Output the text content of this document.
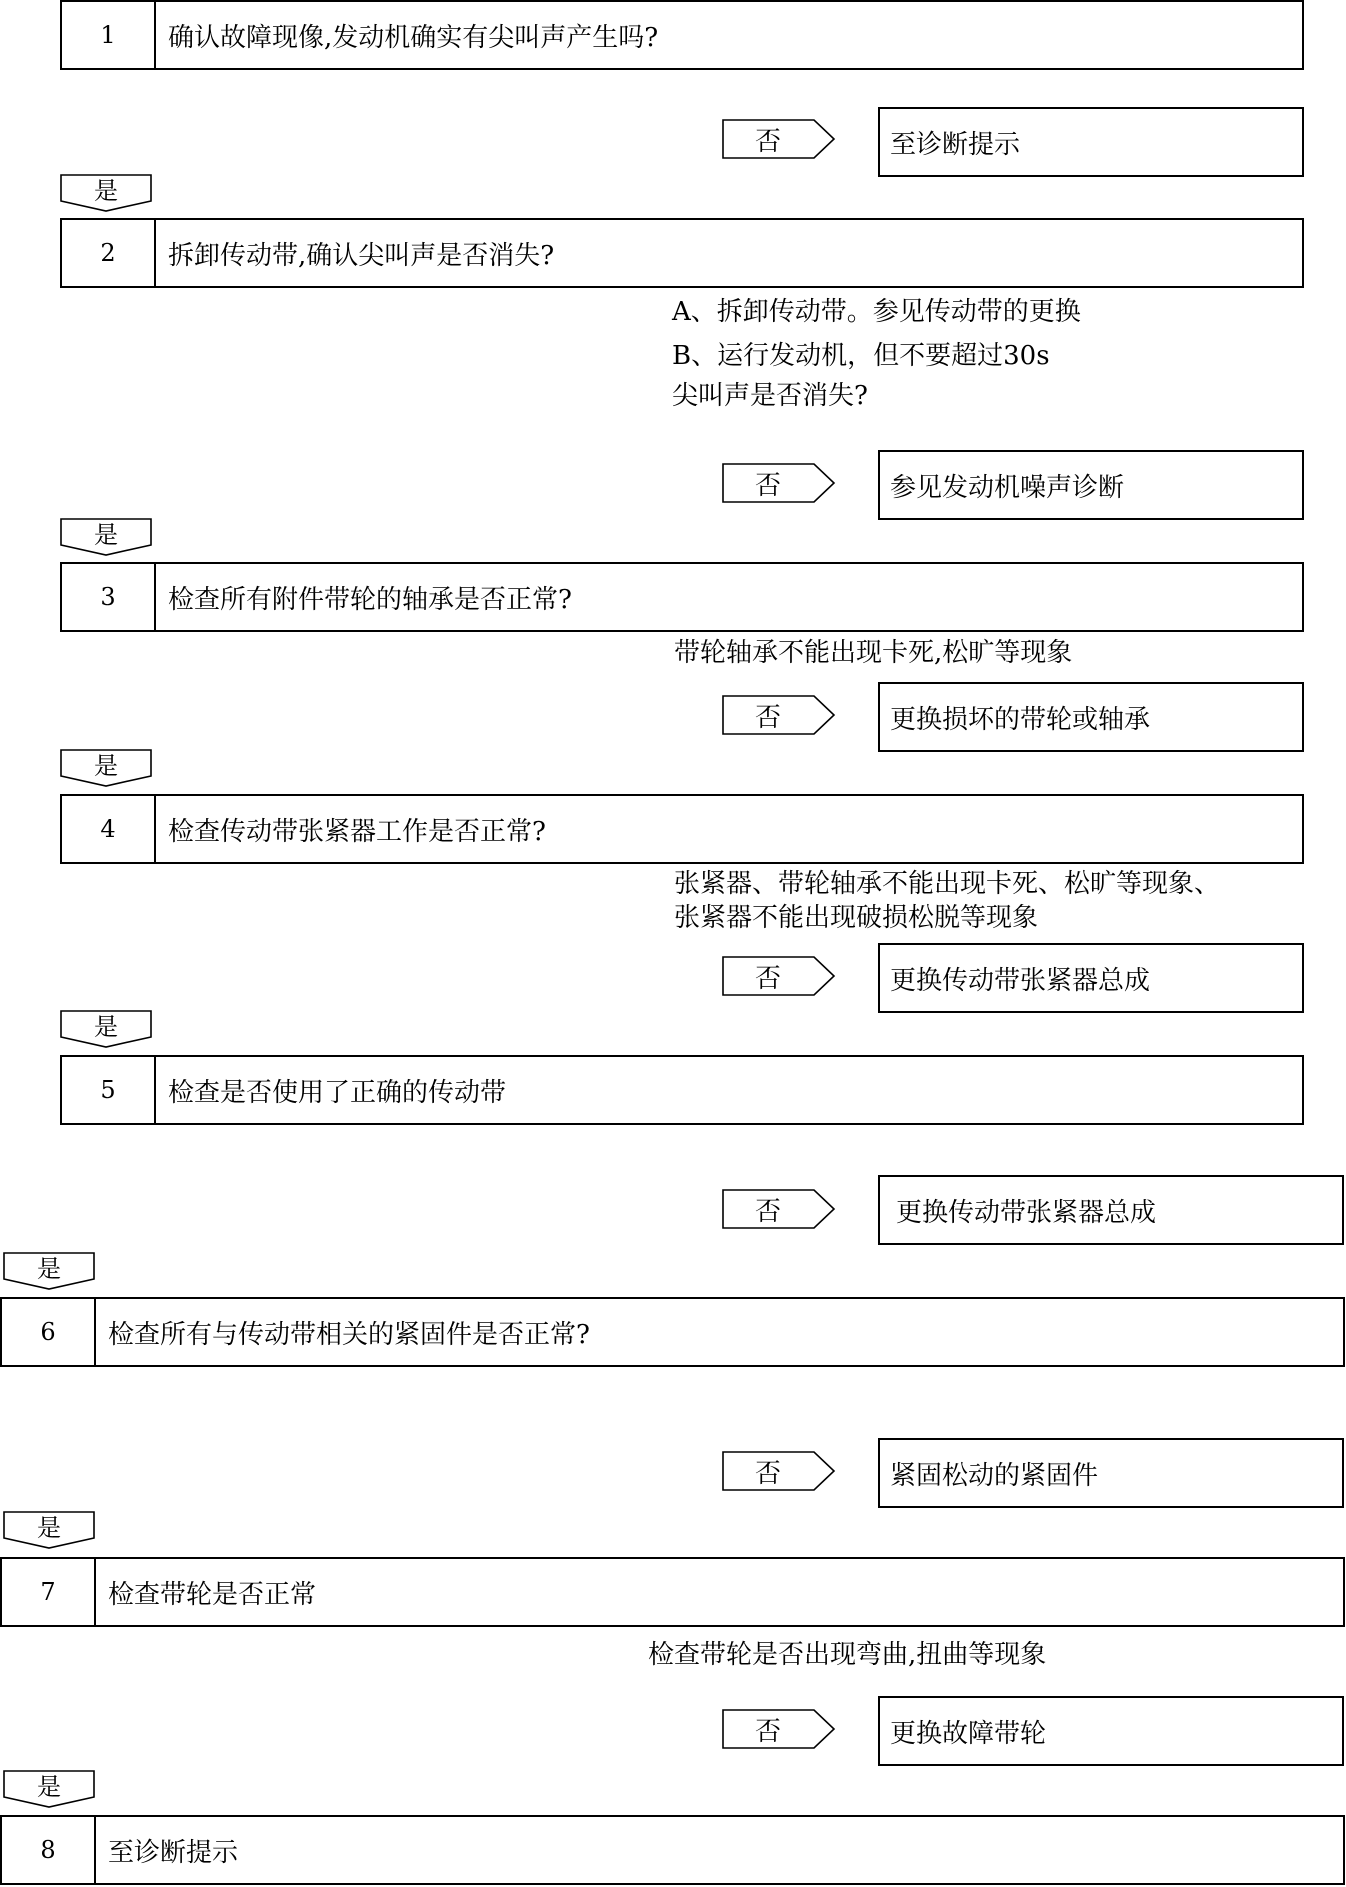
1	确认故障现像,发动机确实有尖叫声产生吗?
否	至诊断提示
是
2	拆卸传动带,确认尖叫声是否消失?
A、拆卸传动带。参见传动带的更换
B、运行发动机，但不要超过30s
尖叫声是否消失?
否	参见发动机噪声诊断
是
3	检查所有附件带轮的轴承是否正常?
带轮轴承不能出现卡死,松旷等现象
否	更换损坏的带轮或轴承
是
4	检查传动带张紧器工作是否正常?
张紧器、带轮轴承不能出现卡死、松旷等现象、
张紧器不能出现破损松脱等现象
否	更换传动带张紧器总成
是
5	检查是否使用了正确的传动带
否	更换传动带张紧器总成
是
6	检查所有与传动带相关的紧固件是否正常?
否	紧固松动的紧固件
是
7	检查带轮是否正常
检查带轮是否出现弯曲,扭曲等现象
否	更换故障带轮
是
8	至诊断提示
